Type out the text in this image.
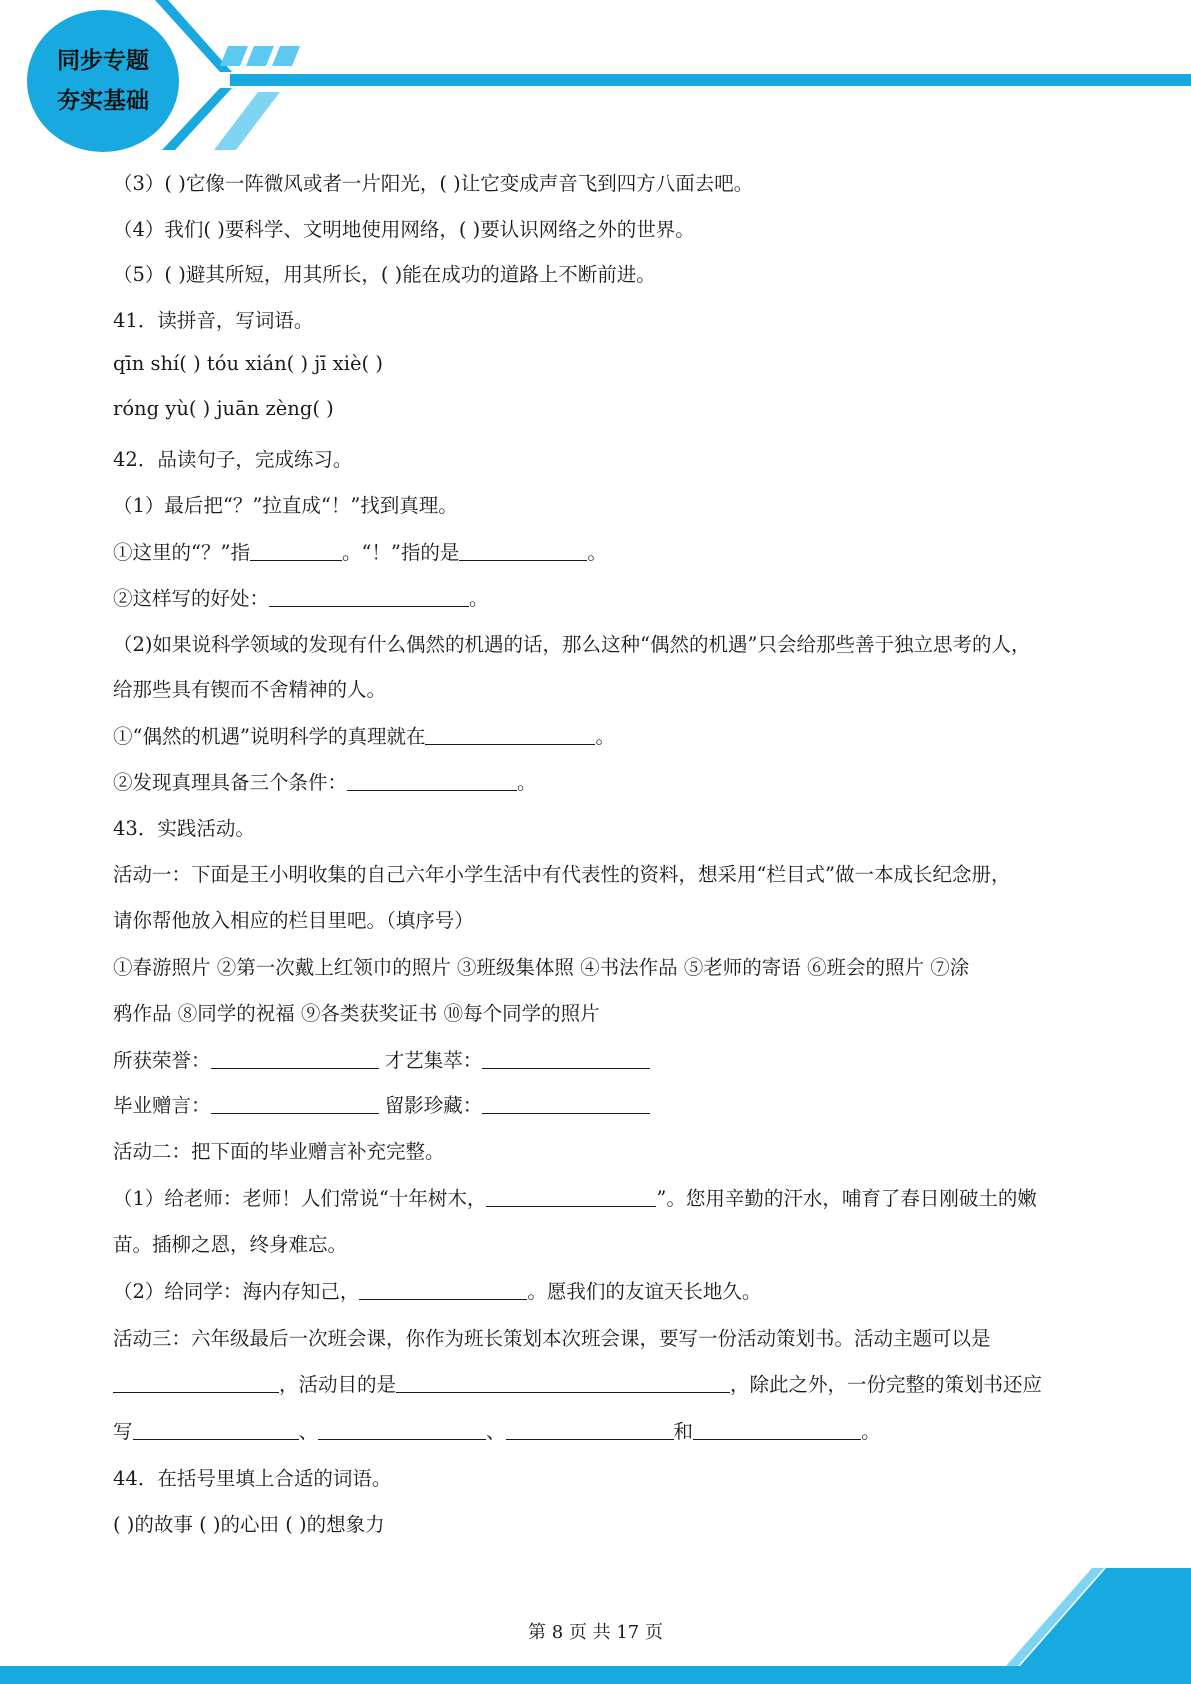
同步专题
夯实基础
（3）( )它像一阵微风或者一片阳光，( )让它变成声音飞到四方八面去吧。
（4）我们( )要科学、文明地使用网络，( )要认识网络之外的世界。
（5）( )避其所短，用其所长，( )能在成功的道路上不断前进。
41．读拼音，写词语。
qīn shí( ) tóu xián( ) jī xiè( )
róng yù( ) juān zèng( )
42．品读句子，完成练习。
（1）最后把“？”拉直成“！”找到真理。
①这里的“？”指	。“！”指的是	。
②这样写的好处：	。
（2)如果说科学领域的发现有什么偶然的机遇的话，那么这种“偶然的机遇”只会给那些善于独立思考的人，
给那些具有锲而不舍精神的人。
①“偶然的机遇”说明科学的真理就在	。
②发现真理具备三个条件：	。
43．实践活动。
活动一：下面是王小明收集的自己六年小学生活中有代表性的资料，想采用“栏目式”做一本成长纪念册，
请你帮他放入相应的栏目里吧。（填序号）
①春游照片 ②第一次戴上红领巾的照片 ③班级集体照 ④书法作品 ⑤老师的寄语 ⑥班会的照片 ⑦涂
鸦作品 ⑧同学的祝福 ⑨各类获奖证书 ⑩每个同学的照片
所获荣誉：	才艺集萃：
毕业赠言：	留影珍藏：
活动二：把下面的毕业赠言补充完整。
（1）给老师：老师！人们常说“十年树木，	”。您用辛勤的汗水，哺育了春日刚破土的嫩
苗。插柳之恩，终身难忘。
（2）给同学：海内存知己，	。愿我们的友谊天长地久。
活动三：六年级最后一次班会课，你作为班长策划本次班会课，要写一份活动策划书。活动主题可以是
，活动目的是	，除此之外，一份完整的策划书还应
写	、	、	和	。
44．在括号里填上合适的词语。
( )的故事 ( )的心田 ( )的想象力
第 8 页 共 17 页
